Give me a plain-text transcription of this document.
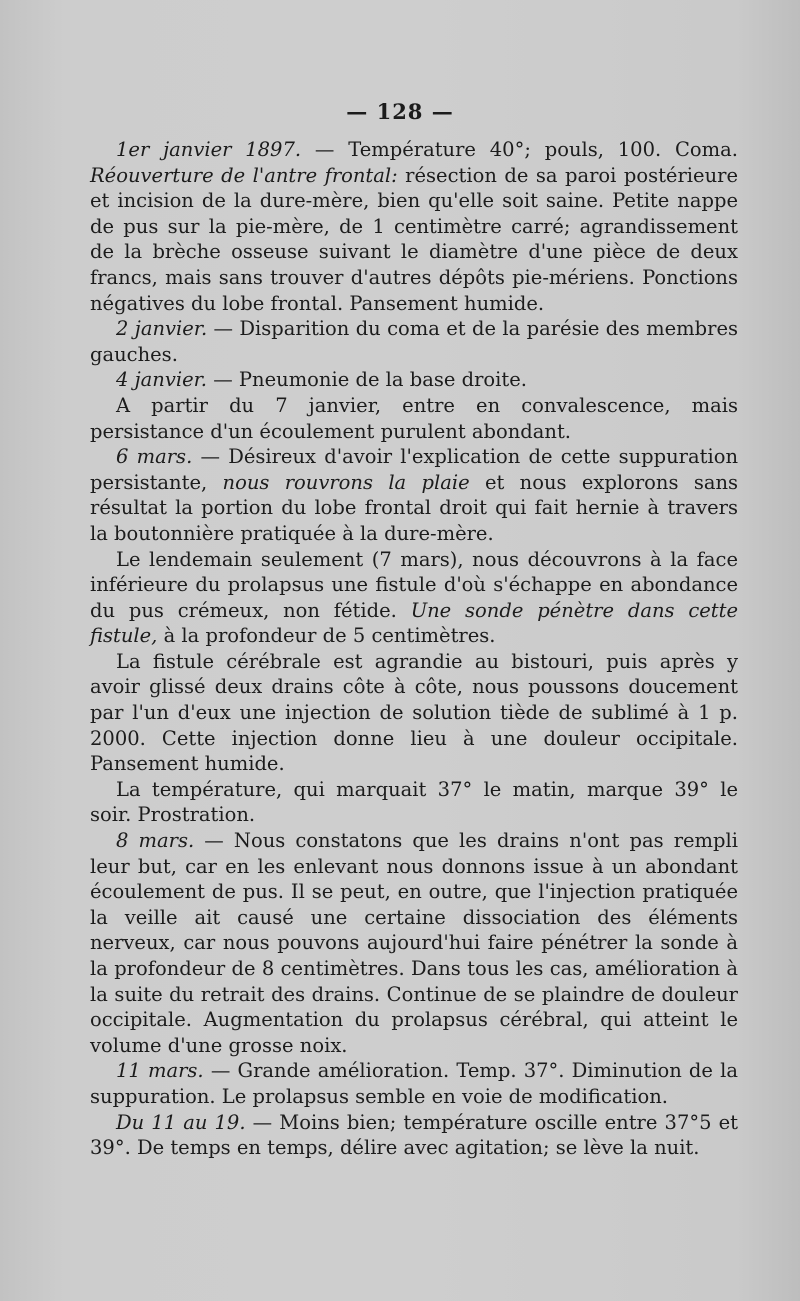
— 128 —

1er janvier 1897. — Température 40°; pouls, 100. Coma. Réouverture de l'antre frontal: résection de sa paroi postérieure et incision de la dure-mère, bien qu'elle soit saine. Petite nappe de pus sur la pie-mère, de 1 centimètre carré; agrandissement de la brèche osseuse suivant le diamètre d'une pièce de deux francs, mais sans trouver d'autres dépôts pie-mériens. Ponctions négatives du lobe frontal. Pansement humide.

2 janvier. — Disparition du coma et de la parésie des membres gauches.

4 janvier. — Pneumonie de la base droite.

A partir du 7 janvier, entre en convalescence, mais persistance d'un écoulement purulent abondant.

6 mars. — Désireux d'avoir l'explication de cette suppuration persistante, nous rouvrons la plaie et nous explorons sans résultat la portion du lobe frontal droit qui fait hernie à travers la boutonnière pratiquée à la dure-mère.

Le lendemain seulement (7 mars), nous découvrons à la face inférieure du prolapsus une fistule d'où s'échappe en abondance du pus crémeux, non fétide. Une sonde pénètre dans cette fistule, à la profondeur de 5 centimètres.

La fistule cérébrale est agrandie au bistouri, puis après y avoir glissé deux drains côte à côte, nous poussons doucement par l'un d'eux une injection de solution tiède de sublimé à 1 p. 2000. Cette injection donne lieu à une douleur occipitale. Pansement humide.

La température, qui marquait 37° le matin, marque 39° le soir. Prostration.

8 mars. — Nous constatons que les drains n'ont pas rempli leur but, car en les enlevant nous donnons issue à un abondant écoulement de pus. Il se peut, en outre, que l'injection pratiquée la veille ait causé une certaine dissociation des éléments nerveux, car nous pouvons aujourd'hui faire pénétrer la sonde à la profondeur de 8 centimètres. Dans tous les cas, amélioration à la suite du retrait des drains. Continue de se plaindre de douleur occipitale. Augmentation du prolapsus cérébral, qui atteint le volume d'une grosse noix.

11 mars. — Grande amélioration. Temp. 37°. Diminution de la suppuration. Le prolapsus semble en voie de modification.

Du 11 au 19. — Moins bien; température oscille entre 37°5 et 39°. De temps en temps, délire avec agitation; se lève la nuit.
